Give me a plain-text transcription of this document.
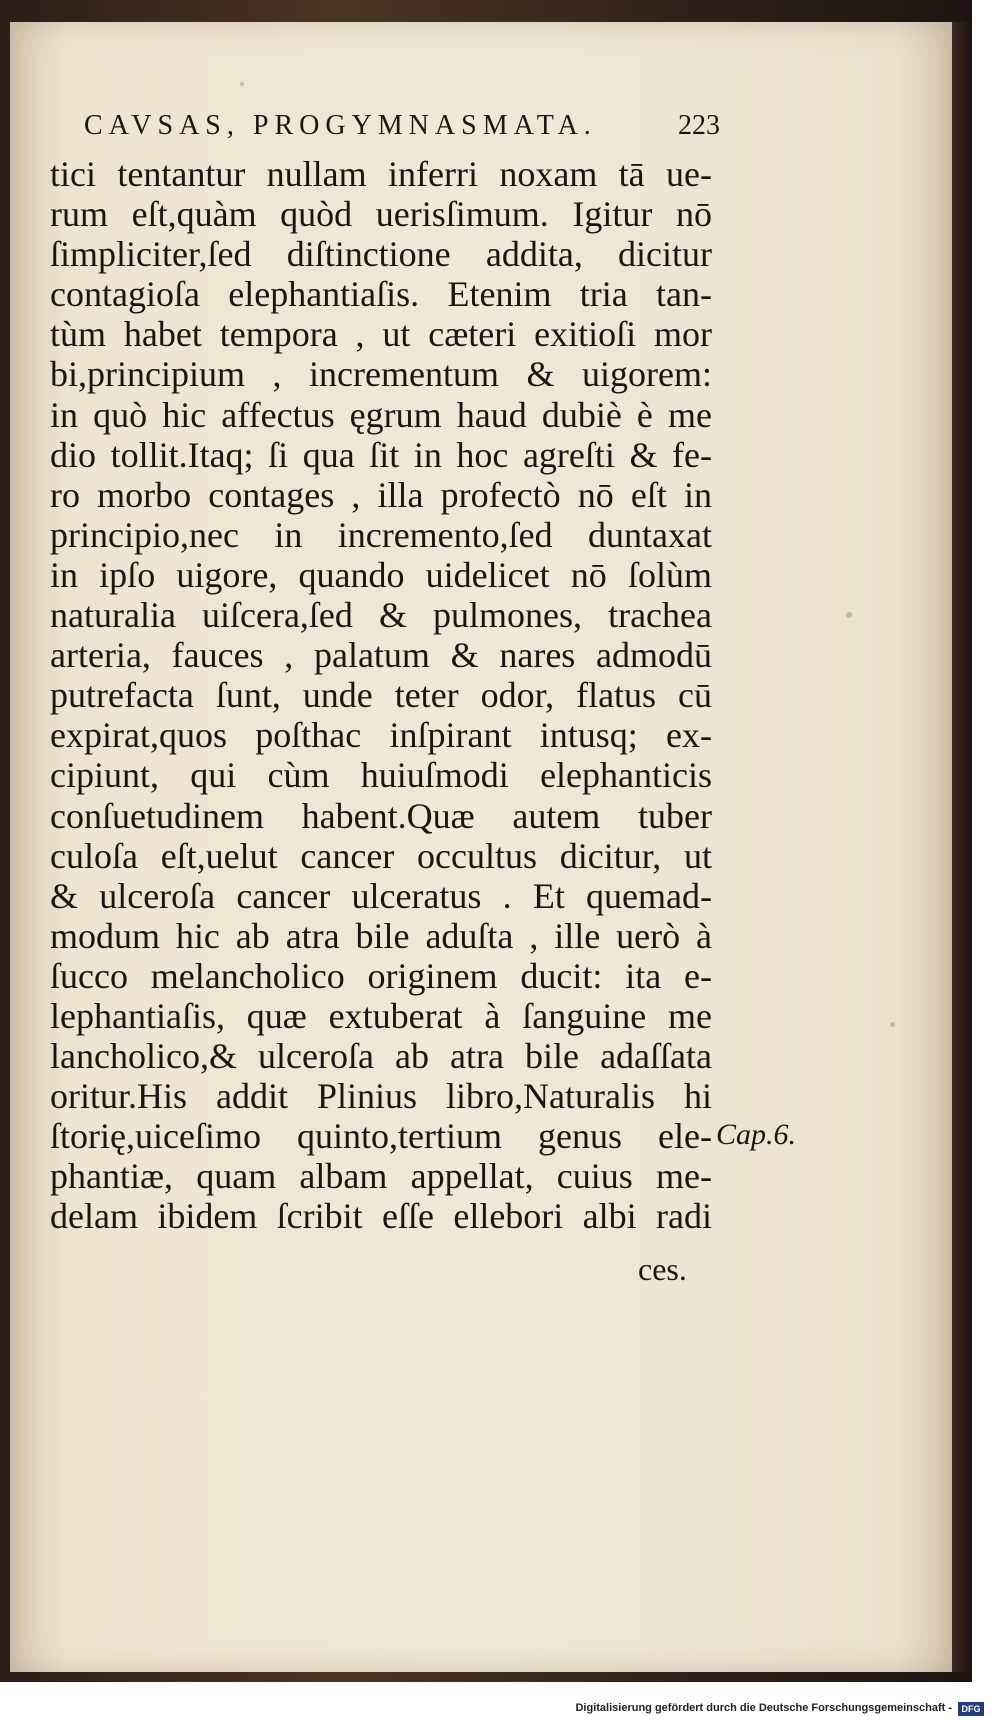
CAVSAS, PROGYMNASMATA.	223
tici tentantur nullam inferri noxam tā ue-
rum eſt,quàm quòd uerisſimum. Igitur nō
ſimpliciter,ſed diſtinctione addita, dicitur
contagioſa elephantiaſis. Etenim tria tan-
tùm habet tempora , ut cæteri exitioſi mor
bi,principium , incrementum & uigorem:
in quò hic affectus ęgrum haud dubiè è me
dio tollit.Itaq; ſi qua ſit in hoc agreſti & fe-
ro morbo contages , illa profectò nō eſt in
principio,nec in incremento,ſed duntaxat
in ipſo uigore, quando uidelicet nō ſolùm
naturalia uiſcera,ſed & pulmones, trachea
arteria, fauces , palatum & nares admodū
putrefacta ſunt, unde teter odor, flatus cū
expirat,quos poſthac inſpirant intusq; ex-
cipiunt, qui cùm huiuſmodi elephanticis
conſuetudinem habent.Quæ autem tuber
culoſa eſt,uelut cancer occultus dicitur, ut
& ulceroſa cancer ulceratus . Et quemad-
modum hic ab atra bile aduſta , ille uerò à
ſucco melancholico originem ducit: ita e-
lephantiaſis, quæ extuberat à ſanguine me
lancholico,& ulceroſa ab atra bile adaſſata
oritur.His addit Plinius libro,Naturalis hi
ſtorię,uiceſimo quinto,tertium genus ele-
phantiæ, quam albam appellat, cuius me-
delam ibidem ſcribit eſſe ellebori albi radi
Cap.6.
ces.
Digitalisierung gefördert durch die Deutsche Forschungsgemeinschaft -	DFG
